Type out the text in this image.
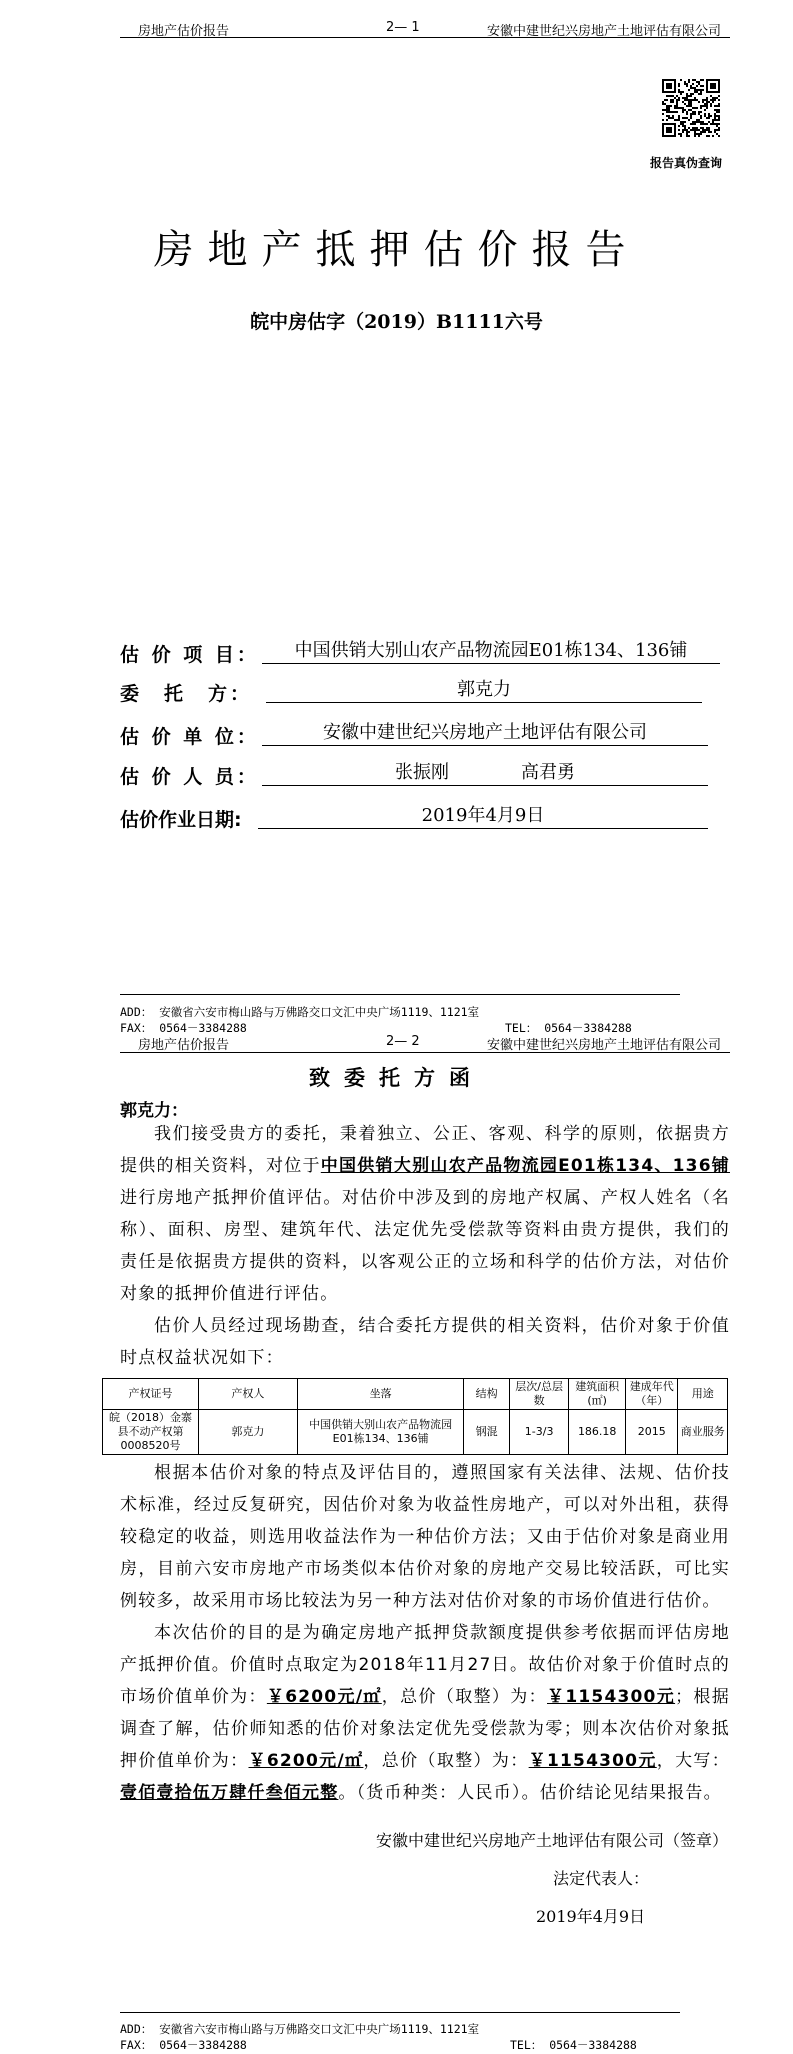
房地产估价报告	2— 1	安徽中建世纪兴房地产土地评估有限公司
报告真伪查询
房地产抵押估价报告
皖中房估字（2019）B1111六号
估 价 项 目：	中国供销大别山农产品物流园E01栋134、136铺
委　托　方：	郭克力
估 价 单 位：	安徽中建世纪兴房地产土地评估有限公司
估 价 人 员：	张振刚　　　　高君勇
估价作业日期:	2019年4月9日
ADD： 安徽省六安市梅山路与万佛路交口文汇中央广场1119、1121室
FAX： 0564－3384288	TEL： 0564－3384288
房地产估价报告	2— 2	安徽中建世纪兴房地产土地评估有限公司
致委托方函
郭克力：

我们接受贵方的委托，秉着独立、公正、客观、科学的原则，依据贵方提供的相关资料，对位于中国供销大别山农产品物流园E01栋134、136铺进行房地产抵押价值评估。对估价中涉及到的房地产权属、产权人姓名（名称）、面积、房型、建筑年代、法定优先受偿款等资料由贵方提供，我们的责任是依据贵方提供的资料，以客观公正的立场和科学的估价方法，对估价对象的抵押价值进行评估。

估价人员经过现场勘查，结合委托方提供的相关资料，估价对象于价值时点权益状况如下：

产权证号	产权人	坐落	结构	层次/总层数	建筑面积(㎡)	建成年代（年）	用途
皖（2018）金寨县不动产权第0008520号	郭克力	中国供销大别山农产品物流园E01栋134、136铺	钢混	1-3/3	186.18	2015	商业服务

根据本估价对象的特点及评估目的，遵照国家有关法律、法规、估价技术标准，经过反复研究，因估价对象为收益性房地产，可以对外出租，获得较稳定的收益，则选用收益法作为一种估价方法；又由于估价对象是商业用房，目前六安市房地产市场类似本估价对象的房地产交易比较活跃，可比实例较多，故采用市场比较法为另一种方法对估价对象的市场价值进行估价。

本次估价的目的是为确定房地产抵押贷款额度提供参考依据而评估房地产抵押价值。价值时点取定为2018年11月27日。故估价对象于价值时点的市场价值单价为：￥6200元/㎡，总价（取整）为：￥1154300元；根据调查了解，估价师知悉的估价对象法定优先受偿款为零；则本次估价对象抵押价值单价为：￥6200元/㎡，总价（取整）为：￥1154300元，大写：壹佰壹拾伍万肆仟叁佰元整。（货币种类：人民币）。估价结论见结果报告。

安徽中建世纪兴房地产土地评估有限公司（签章）
法定代表人：
2019年4月9日
ADD： 安徽省六安市梅山路与万佛路交口文汇中央广场1119、1121室
FAX： 0564－3384288	TEL： 0564－3384288
